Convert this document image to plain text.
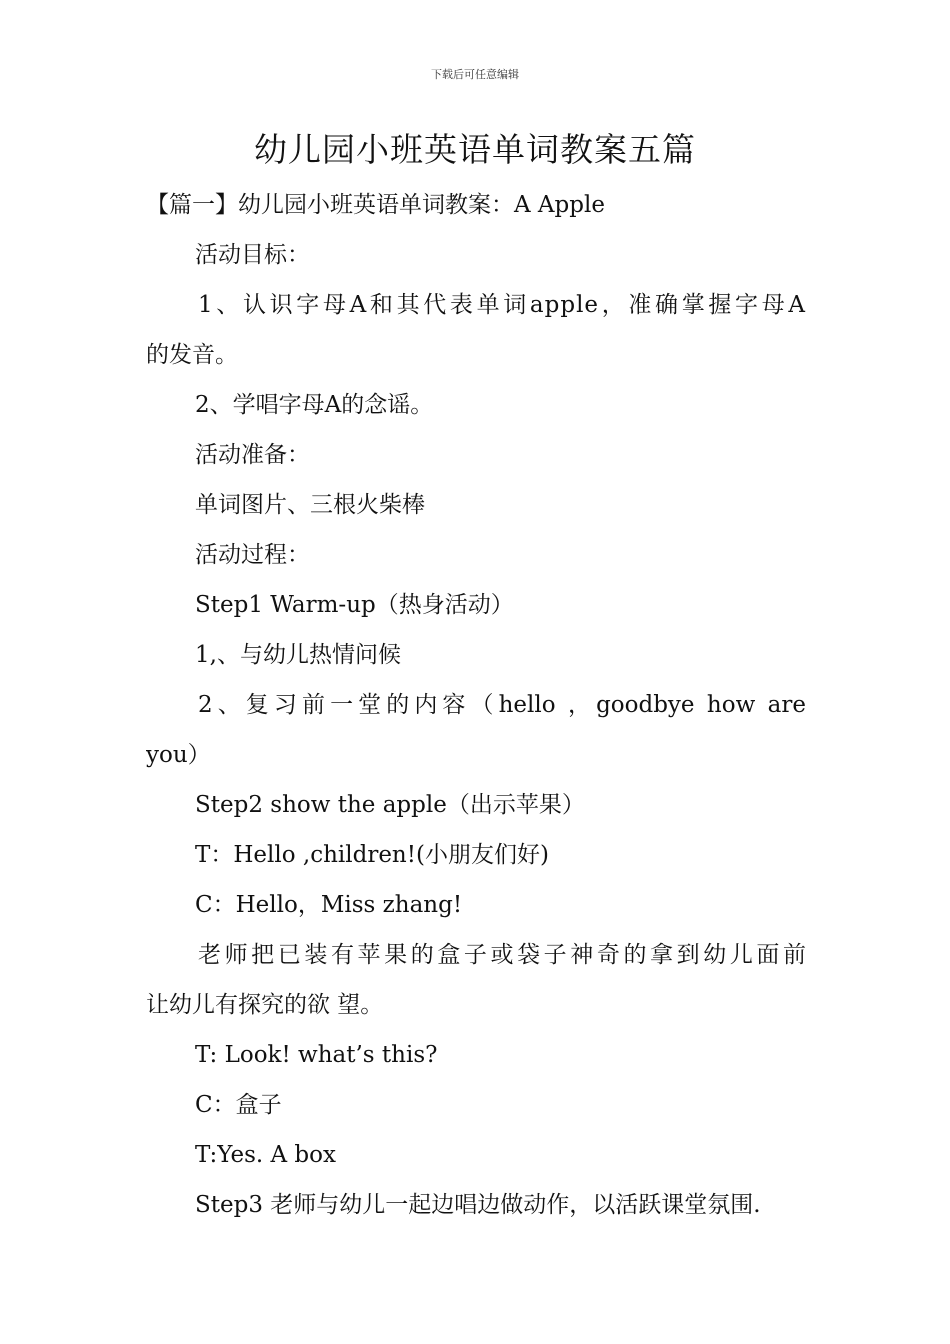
下载后可任意编辑
幼儿园小班英语单词教案五篇
【篇一】幼儿园小班英语单词教案：A Apple
活动目标：
1、认识字母A和其代表单词apple，准确掌握字母A
的发音。
2、学唱字母A的念谣。
活动准备：
单词图片、三根火柴棒
活动过程：
Step1 Warm-up（热身活动）
1,、与幼儿热情问候
2、复习前一堂的内容（hello ，goodbye how are
you）
Step2 show the apple（出示苹果）
T：Hello ,children!(小朋友们好)
C：Hello，Miss zhang!
老师把已装有苹果的盒子或袋子神奇的拿到幼儿面前
让幼儿有探究的欲 望。
T: Look! what’s this?
C：盒子
T:Yes. A box
Step3 老师与幼儿一起边唱边做动作，以活跃课堂氛围.
